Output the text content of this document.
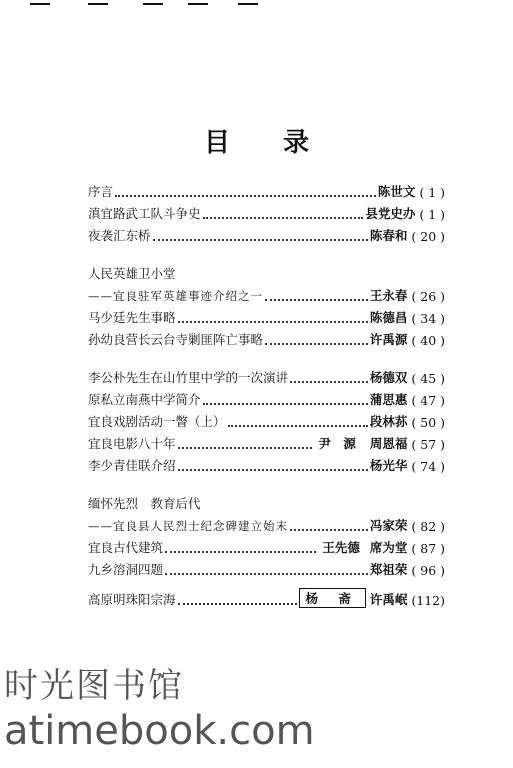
目 录
序言	陈世文 ( 1 )
滇宜路武工队斗争史	县党史办 ( 1 )
夜袭汇东桥	陈春和 ( 20 )
人民英雄卫小堂
——宜良驻军英雄事迹介绍之一	王永春 ( 26 )
马少廷先生事略	陈德昌 ( 34 )
孙幼良营长云台寺剿匪阵亡事略	许禹源 ( 40 )
李公朴先生在山竹里中学的一次演讲	杨德双 ( 45 )
原私立南燕中学简介	蒲思惠 ( 47 )
宜良戏剧活动一瞥（上）	段林荪 ( 50 )
宜良电影八十年	尹　源 周恩福 ( 57 )
李少青佳联介绍	杨光华 ( 74 )
缅怀先烈　教育后代
——宜良县人民烈士纪念碑建立始末	冯家荣 ( 82 )
宜良古代建筑	王先德 席为堂 ( 87 )
九乡溶洞四题	郑祖荣 ( 96 )
高原明珠阳宗海	杨 斋 许禹岷 (112)
时光图书馆
atimebook.com
